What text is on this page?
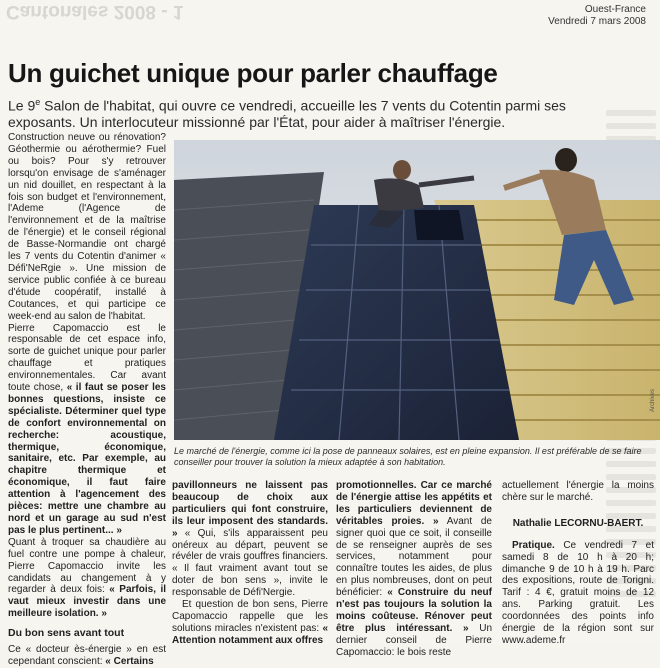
Cantonales 2008 - 1	Ouest-France
Vendredi 7 mars 2008
Un guichet unique pour parler chauffage
Le 9e Salon de l'habitat, qui ouvre ce vendredi, accueille les 7 vents du Cotentin parmi ses exposants. Un interlocuteur missionné par l'État, pour aider à maîtriser l'énergie.

Construction neuve ou rénovation? Géothermie ou aérothermie? Fuel ou bois? Pour s'y retrouver lorsqu'on envisage de s'aménager un nid douillet, en respectant à la fois son budget et l'environnement, l'Ademe (l'Agence de l'environnement et de la maîtrise de l'énergie) et le conseil régional de Basse-Normandie ont chargé les 7 vents du Cotentin d'animer « Défi'NeRgie ». Une mission de service public confiée à ce bureau d'étude coopératif, installé à Coutances, et qui participe ce week-end au salon de l'habitat.

Pierre Capomaccio est le responsable de cet espace info, sorte de guichet unique pour parler chauffage et pratiques environnementales. Car avant toute chose, « il faut se poser les bonnes questions, insiste ce spécialiste. Déterminer quel type de confort environnemental on recherche: acoustique, thermique, économique, sanitaire, etc. Par exemple, au chapitre thermique et économique, il faut faire attention à l'agencement des pièces: mettre une chambre au nord et un garage au sud n'est pas le plus pertinent... »

Quant à troquer sa chaudière au fuel contre une pompe à chaleur, Pierre Capomaccio invite les candidats au changement à y regarder à deux fois: « Parfois, il vaut mieux investir dans une meilleure isolation. »

Du bon sens avant tout

Ce « docteur ès-énergie » en est cependant conscient: « Certains

Archives
Le marché de l'énergie, comme ici la pose de panneaux solaires, est en pleine expansion. Il est préférable de se faire conseiller pour trouver la solution la mieux adaptée à son habitation.

pavillonneurs ne laissent pas beaucoup de choix aux particuliers qui font construire, ils leur imposent des standards. » « Qui, s'ils apparaissent peu onéreux au départ, peuvent se révéler de vrais gouffres financiers. « Il faut vraiment avant tout se doter de bon sens », invite le responsable de Défi'Nergie.

Et question de bon sens, Pierre Capomaccio rappelle que les solutions miracles n'existent pas: « Attention notamment aux offres

promotionnelles. Car ce marché de l'énergie attise les appétits et les particuliers deviennent de véritables proies. » Avant de signer quoi que ce soit, il conseille de se renseigner auprès de ses services, notamment pour connaître toutes les aides, de plus en plus nombreuses, dont on peut bénéficier: « Construire du neuf n'est pas toujours la solution la moins coûteuse. Rénover peut être plus intéressant. » Un dernier conseil de Pierre Capomaccio: le bois reste

actuellement l'énergie la moins chère sur le marché.

Nathalie LECORNU-BAERT.

Pratique. Ce vendredi 7 et samedi 8 de 10 h à 20 h; dimanche 9 de 10 h à 19 h. Parc des expositions, route de Torigni. Tarif : 4 €, gratuit moins de 12 ans. Parking gratuit. Les coordonnées des points info énergie de la région sont sur www.ademe.fr
